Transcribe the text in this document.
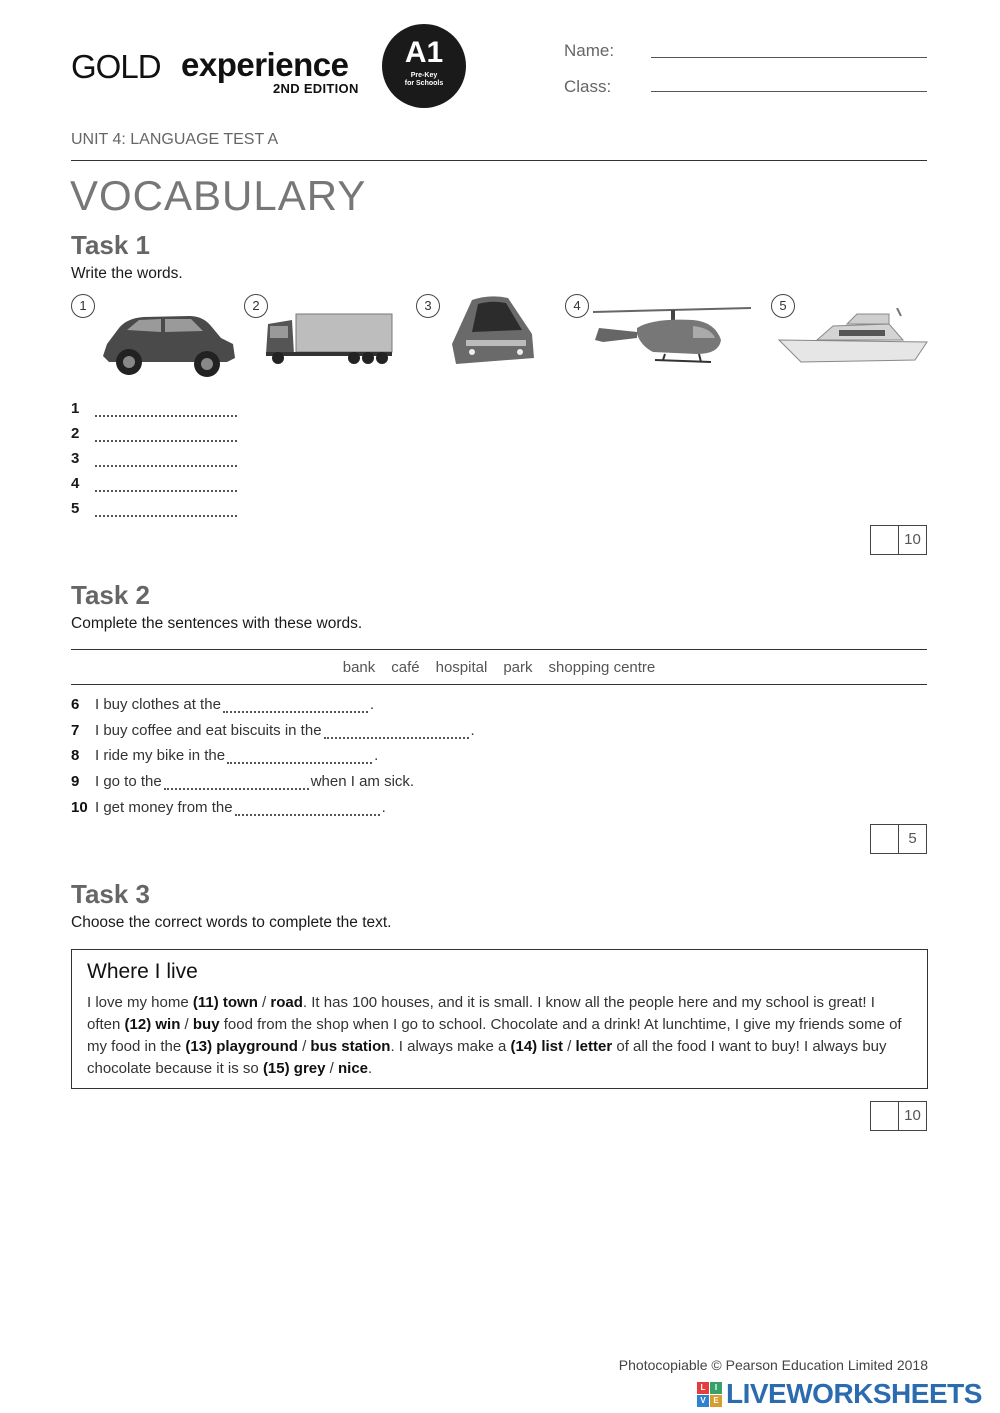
GOLD experience
2ND EDITION
A1
Pre-Key
for Schools
Name:
Class:
UNIT 4: LANGUAGE TEST A
VOCABULARY
Task 1
Write the words.
1	2	3	4	5
1
2
3
4
5
10
Task 2
Complete the sentences with these words.
bank café hospital park shopping centre
6	I buy clothes at the	.
7	I buy coffee and eat biscuits in the	.
8	I ride my bike in the	.
9	I go to the	when I am sick.
10 I get money from the	.
5
Task 3
Choose the correct words to complete the text.
Where I live
I love my home (11) town / road. It has 100 houses, and it is small. I know all the people here and my school is great! I often (12) win / buy food from the shop when I go to school. Chocolate and a drink! At lunchtime, I give my friends some of my food in the (13) playground / bus station. I always make a (14) list / letter of all the food I want to buy! I always buy chocolate because it is so (15) grey / nice.
10
Photocopiable © Pearson Education Limited 2018
L	I
V E LIVEWORKSHEETS
